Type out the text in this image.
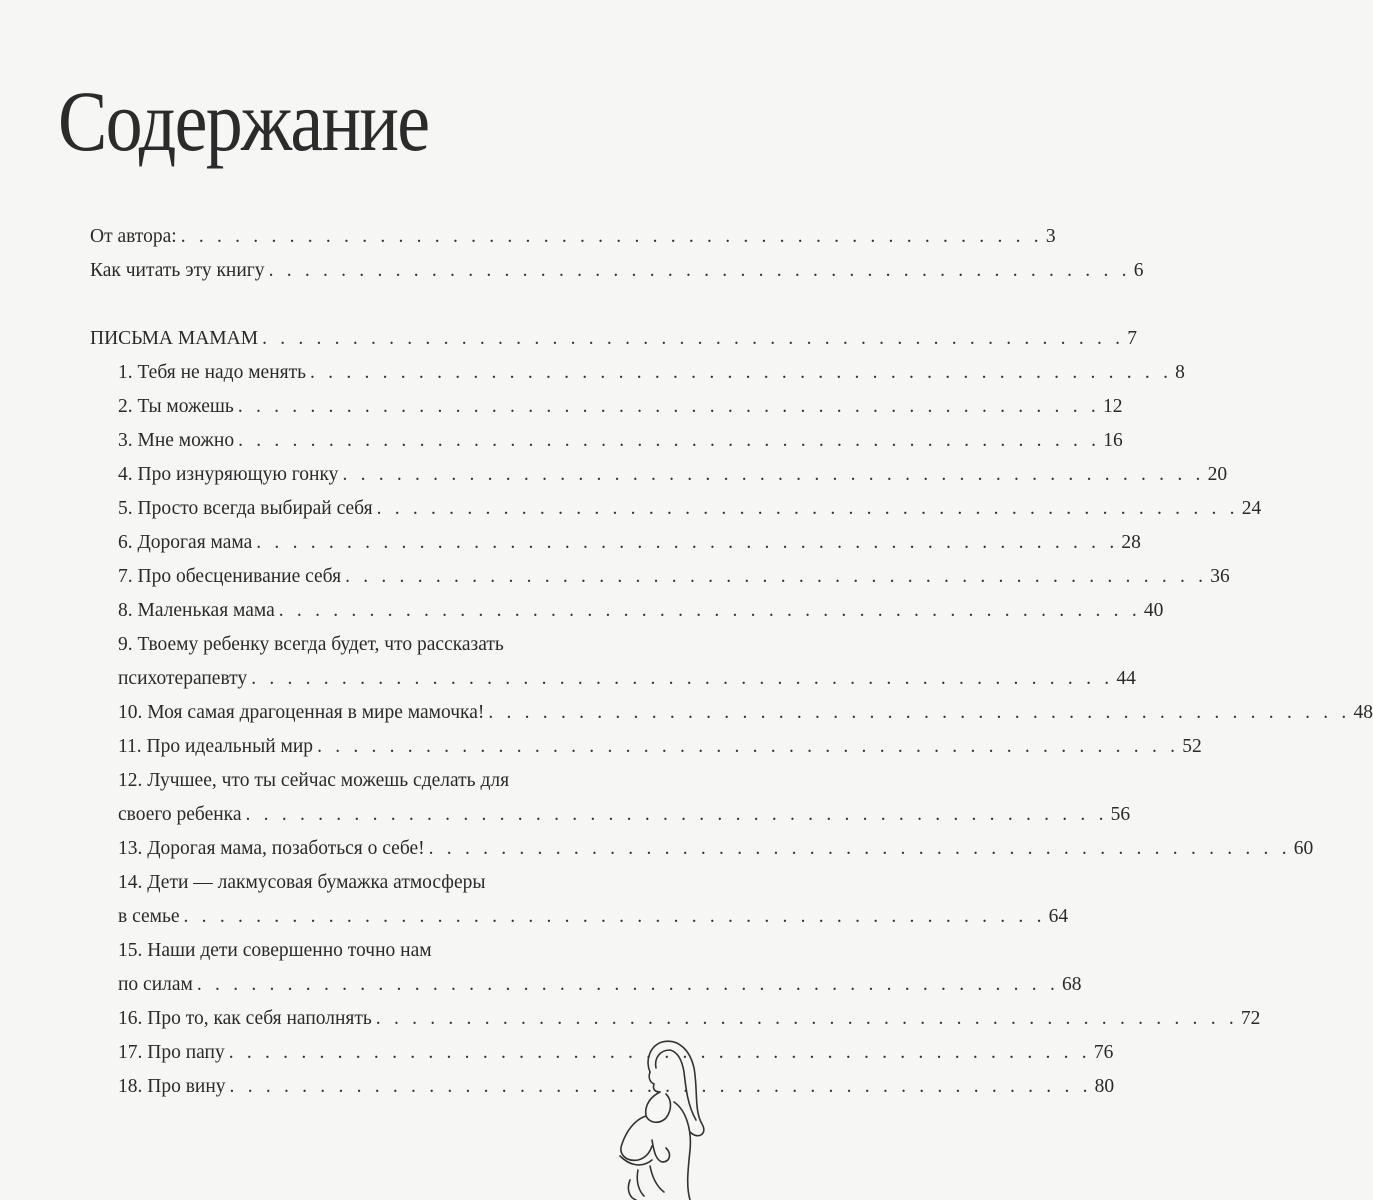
Содержание
От автора: . . . . . . . . . . . . . . . . . . . . . . . . . . . . . . . . . . . . . . . . . . . . . . . . 3
Как читать эту книгу . . . . . . . . . . . . . . . . . . . . . . . . . . . . . . . . . . . . . . . . . . . . . . . . 6
ПИСЬМА МАМАМ . . . . . . . . . . . . . . . . . . . . . . . . . . . . . . . . . . . . . . . . . . . . . . . . 7
1. Тебя не надо менять . . . . . . . . . . . . . . . . . . . . . . . . . . . . . . . . . . . . . . . . . . . . . . . . 8
2. Ты можешь . . . . . . . . . . . . . . . . . . . . . . . . . . . . . . . . . . . . . . . . . . . . . . . . 12
3. Мне можно . . . . . . . . . . . . . . . . . . . . . . . . . . . . . . . . . . . . . . . . . . . . . . . . 16
4. Про изнуряющую гонку . . . . . . . . . . . . . . . . . . . . . . . . . . . . . . . . . . . . . . . . . . . . . . . . 20
5. Просто всегда выбирай себя . . . . . . . . . . . . . . . . . . . . . . . . . . . . . . . . . . . . . . . . . . . . . . . . 24
6. Дорогая мама . . . . . . . . . . . . . . . . . . . . . . . . . . . . . . . . . . . . . . . . . . . . . . . . 28
7. Про обесценивание себя . . . . . . . . . . . . . . . . . . . . . . . . . . . . . . . . . . . . . . . . . . . . . . . . 36
8. Маленькая мама . . . . . . . . . . . . . . . . . . . . . . . . . . . . . . . . . . . . . . . . . . . . . . . . 40
9. Твоему ребенку всегда будет, что рассказать
психотерапевту . . . . . . . . . . . . . . . . . . . . . . . . . . . . . . . . . . . . . . . . . . . . . . . . 44
10. Моя самая драгоценная в мире мамочка! . . . . . . . . . . . . . . . . . . . . . . . . . . . . . . . . . . . . . . . . . . . . . . . . 48
11. Про идеальный мир . . . . . . . . . . . . . . . . . . . . . . . . . . . . . . . . . . . . . . . . . . . . . . . . 52
12. Лучшее, что ты сейчас можешь сделать для
своего ребенка . . . . . . . . . . . . . . . . . . . . . . . . . . . . . . . . . . . . . . . . . . . . . . . . 56
13. Дорогая мама, позаботься о себе! . . . . . . . . . . . . . . . . . . . . . . . . . . . . . . . . . . . . . . . . . . . . . . . . 60
14. Дети — лакмусовая бумажка атмосферы
в семье . . . . . . . . . . . . . . . . . . . . . . . . . . . . . . . . . . . . . . . . . . . . . . . . 64
15. Наши дети совершенно точно нам
по силам . . . . . . . . . . . . . . . . . . . . . . . . . . . . . . . . . . . . . . . . . . . . . . . . 68
16. Про то, как себя наполнять . . . . . . . . . . . . . . . . . . . . . . . . . . . . . . . . . . . . . . . . . . . . . . . . 72
17. Про папу . . . . . . . . . . . . . . . . . . . . . . . . . . . . . . . . . . . . . . . . . . . . . . . . 76
18. Про вину . . . . . . . . . . . . . . . . . . . . . . . . . . . . . . . . . . . . . . . . . . . . . . . . 80
